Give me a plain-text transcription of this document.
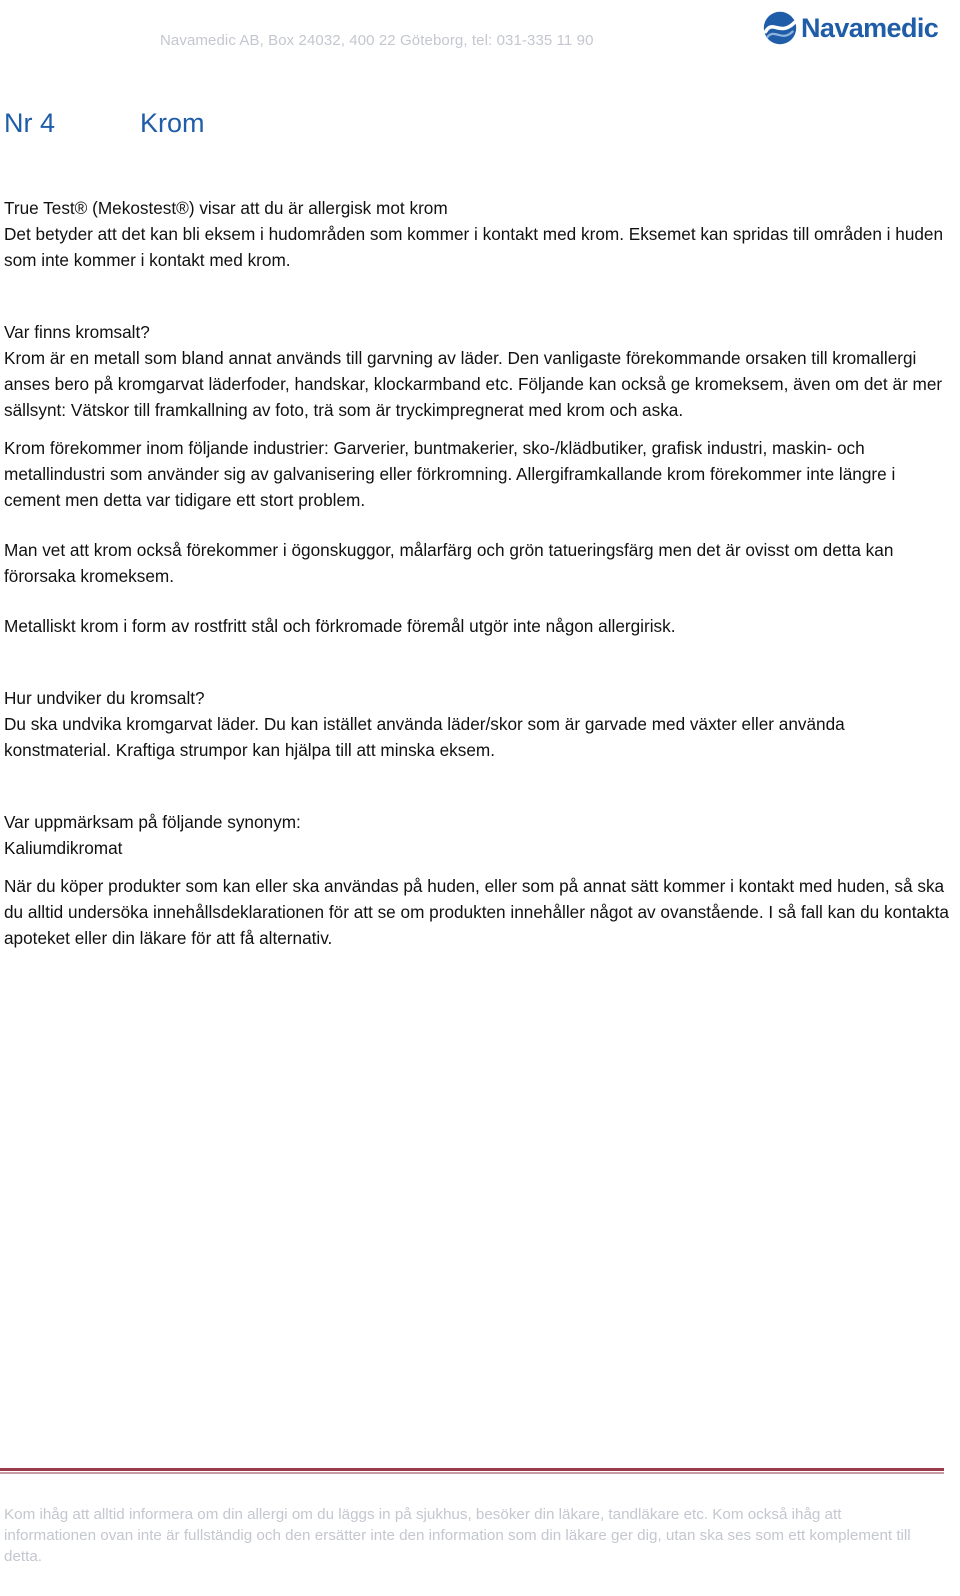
Navamedic AB, Box 24032, 400 22 Göteborg, tel: 031-335 11 90	Navamedic
Nr 4	Krom

True Test® (Mekostest®) visar att du är allergisk mot krom

Det betyder att det kan bli eksem i hudområden som kommer i kontakt med krom. Eksemet kan spridas till områden i huden som inte kommer i kontakt med krom.

Var finns kromsalt?

Krom är en metall som bland annat används till garvning av läder. Den vanligaste förekommande orsaken till kromallergi anses bero på kromgarvat läderfoder, handskar, klockarmband etc. Följande kan också ge kromeksem, även om det är mer sällsynt: Vätskor till framkallning av foto, trä som är tryckimpregnerat med krom och aska.

Krom förekommer inom följande industrier: Garverier, buntmakerier, sko-/klädbutiker, grafisk industri, maskin- och metallindustri som använder sig av galvanisering eller förkromning. Allergiframkallande krom förekommer inte längre i cement men detta var tidigare ett stort problem.

Man vet att krom också förekommer i ögonskuggor, målarfärg och grön tatueringsfärg men det är ovisst om detta kan förorsaka kromeksem.

Metalliskt krom i form av rostfritt stål och förkromade föremål utgör inte någon allergirisk.

Hur undviker du kromsalt?

Du ska undvika kromgarvat läder. Du kan istället använda läder/skor som är garvade med växter eller använda konstmaterial. Kraftiga strumpor kan hjälpa till att minska eksem.

Var uppmärksam på följande synonym:

Kaliumdikromat

När du köper produkter som kan eller ska användas på huden, eller som på annat sätt kommer i kontakt med huden, så ska du alltid undersöka innehållsdeklarationen för att se om produkten innehåller något av ovanstående. I så fall kan du kontakta apoteket eller din läkare för att få alternativ.

Kom ihåg att alltid informera om din allergi om du läggs in på sjukhus, besöker din läkare, tandläkare etc. Kom också ihåg att informationen ovan inte är fullständig och den ersätter inte den information som din läkare ger dig, utan ska ses som ett komplement till detta.
